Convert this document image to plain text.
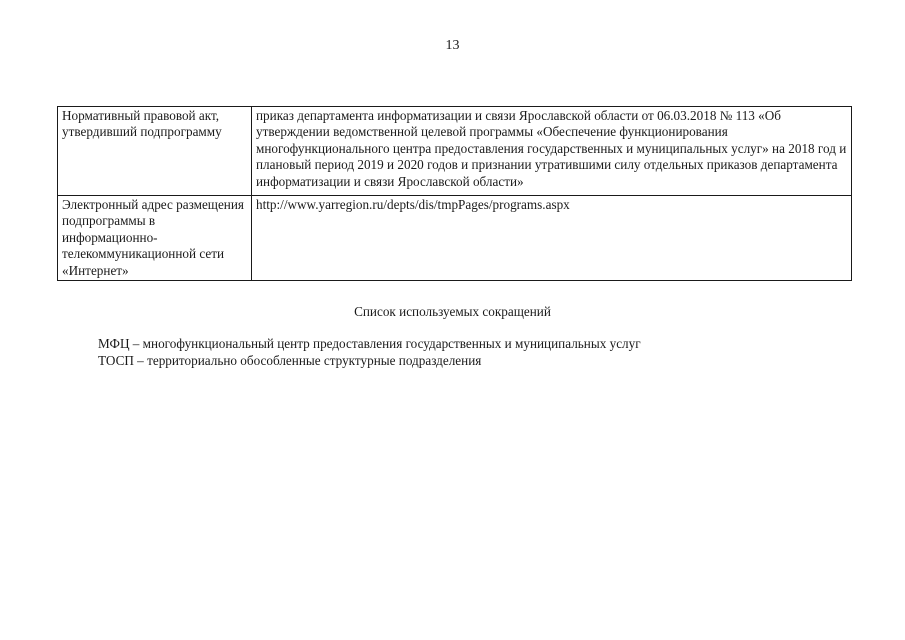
13
Нормативный правовой акт, утвердивший подпрограмму	приказ департамента информатизации и связи Ярославской области от 06.03.2018 № 113 «Об утверждении ведомственной целевой программы «Обеспечение функционирования многофункционального центра предоставления государственных и муниципальных услуг» на 2018 год и плановый период 2019 и 2020 годов и признании утратившими силу отдельных приказов департамента информатизации и связи Ярославской области»
Электронный адрес размещения подпрограммы в информационно-телекоммуникационной сети «Интернет»	http://www.yarregion.ru/depts/dis/tmpPages/programs.aspx
Список используемых сокращений
МФЦ – многофункциональный центр предоставления государственных и муниципальных услуг
ТОСП – территориально обособленные структурные подразделения
